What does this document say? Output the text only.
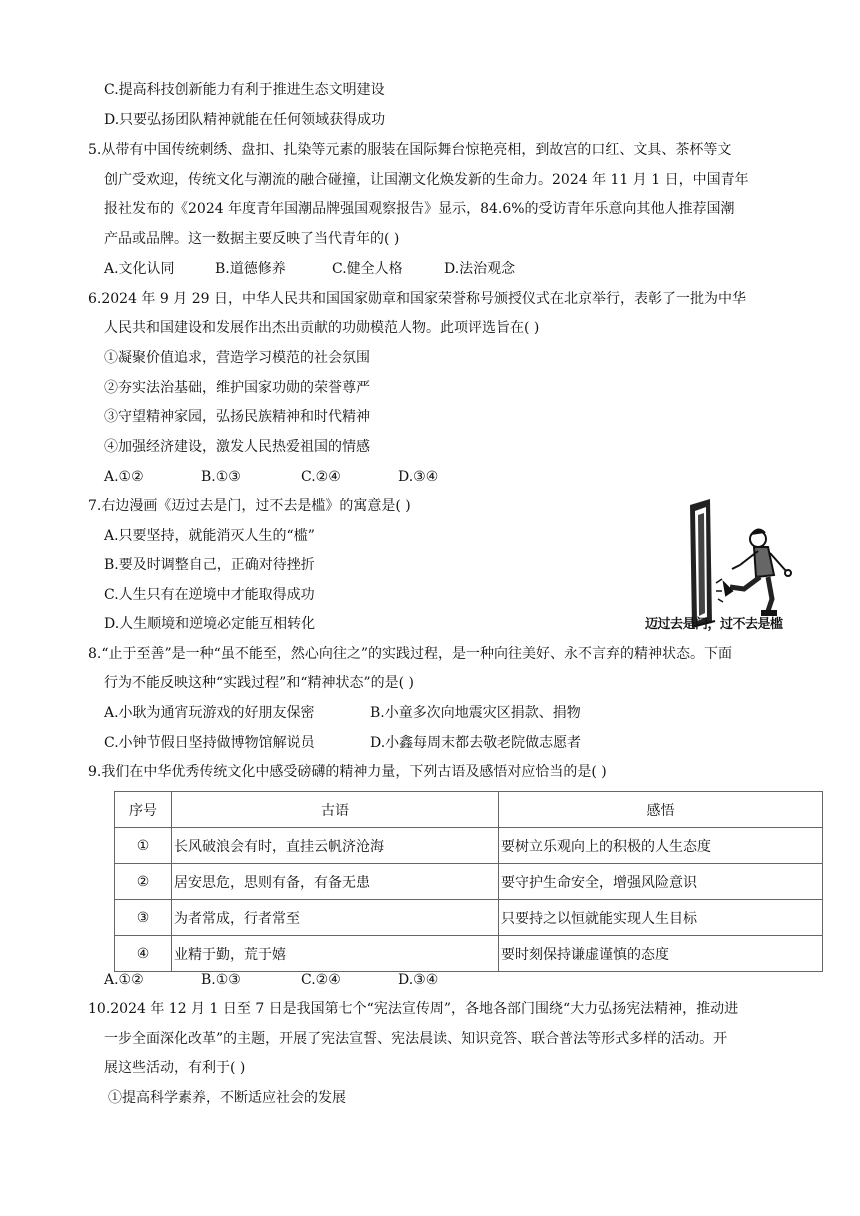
C.提高科技创新能力有利于推进生态文明建设
D.只要弘扬团队精神就能在任何领域获得成功
5.从带有中国传统刺绣、盘扣、扎染等元素的服装在国际舞台惊艳亮相，到故宫的口红、文具、茶杯等文
创广受欢迎，传统文化与潮流的融合碰撞，让国潮文化焕发新的生命力。2024 年 11 月 1 日，中国青年
报社发布的《2024 年度青年国潮品牌强国观察报告》显示，84.6%的受访青年乐意向其他人推荐国潮
产品或品牌。这一数据主要反映了当代青年的( )
A.文化认同	B.道德修养	C.健全人格	D.法治观念
6.2024 年 9 月 29 日，中华人民共和国国家勋章和国家荣誉称号颁授仪式在北京举行，表彰了一批为中华
人民共和国建设和发展作出杰出贡献的功勋模范人物。此项评选旨在( )
①凝聚价值追求，营造学习模范的社会氛围
②夯实法治基础，维护国家功勋的荣誉尊严
③守望精神家园，弘扬民族精神和时代精神
④加强经济建设，激发人民热爱祖国的情感
A.①②	B.①③	C.②④	D.③④
7.右边漫画《迈过去是门，过不去是槛》的寓意是( )
A.只要坚持，就能消灭人生的“槛”
B.要及时调整自己，正确对待挫折
C.人生只有在逆境中才能取得成功
D.人生顺境和逆境必定能互相转化	迈过去是门，过不去是槛
8.“止于至善”是一种“虽不能至，然心向往之”的实践过程，是一种向往美好、永不言弃的精神状态。下面
行为不能反映这种“实践过程”和“精神状态”的是( )
A.小耿为通宵玩游戏的好朋友保密	B.小童多次向地震灾区捐款、捐物
C.小钟节假日坚持做博物馆解说员	D.小鑫每周末都去敬老院做志愿者
9.我们在中华优秀传统文化中感受磅礴的精神力量，下列古语及感悟对应恰当的是( )
序号	古语	感悟
①	长风破浪会有时，直挂云帆济沧海	要树立乐观向上的积极的人生态度
②	居安思危，思则有备，有备无患	要守护生命安全，增强风险意识
③	为者常成，行者常至	只要持之以恒就能实现人生目标
④	业精于勤，荒于嬉	要时刻保持谦虚谨慎的态度
A.①②	B.①③	C.②④	D.③④
10.2024 年 12 月 1 日至 7 日是我国第七个“宪法宣传周”，各地各部门围绕“大力弘扬宪法精神，推动进
一步全面深化改革”的主题，开展了宪法宣誓、宪法晨读、知识竞答、联合普法等形式多样的活动。开
展这些活动，有利于( )
①提高科学素养，不断适应社会的发展
